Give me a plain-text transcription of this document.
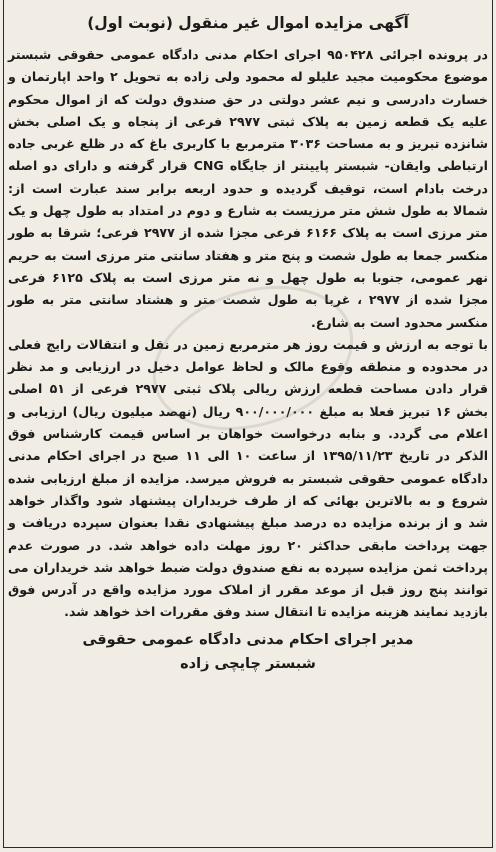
آگهی مزایده اموال غیر منقول (نوبت اول)

در پرونده اجرائی ۹۵۰۴۲۸ اجرای احکام مدنی دادگاه عمومی حقوقی شبستر موضوع محکومیت مجید علیلو له محمود ولی زاده به تحویل ۲ واحد اپارتمان و خسارت دادرسی و نیم عشر دولتی در حق صندوق دولت که از اموال محکوم علیه یک قطعه زمین به پلاک ثبتی ۲۹۷۷ فرعی از پنجاه و یک اصلی بخش شانزده تبریز و به مساحت ۳۰۳۶ مترمربع با کاربری باغ که در ظلع غربی جاده ارتباطی وایقان- شبستر پایینتر از جایگاه CNG قرار گرفته و دارای دو اصله درخت بادام است، توقیف گردیده و حدود اربعه برابر سند عبارت است از: شمالا به طول شش متر مرزیست به شارع و دوم در امتداد به طول چهل و یک متر مرزی است به پلاک ۶۱۶۶ فرعی مجزا شده از ۲۹۷۷ فرعی؛ شرقا به طور منکسر جمعا به طول شصت و پنج متر و هفتاد سانتی متر مرزی است به حریم نهر عمومی، جنوبا به طول چهل و نه متر مرزی است به پلاک ۶۱۲۵ فرعی مجزا شده از ۲۹۷۷ ، غربا به طول شصت متر و هشتاد سانتی متر به طور منکسر محدود است به شارع.

با توجه به ارزش و قیمت روز هر مترمربع زمین در نقل و انتقالات رایج فعلی در محدوده و منطقه وقوع مالک و لحاظ عوامل دخیل در ارزیابی و مد نظر قرار دادن مساحت قطعه ارزش ریالی پلاک ثبتی ۲۹۷۷ فرعی از ۵۱ اصلی بخش ۱۶ تبریز فعلا به مبلغ ۹۰۰/۰۰۰/۰۰۰ ریال (نهصد میلیون ریال) ارزیابی و اعلام می گردد. و بنابه درخواست خواهان بر اساس قیمت کارشناس فوق الذکر در تاریخ ۱۳۹۵/۱۱/۲۳ از ساعت ۱۰ الی ۱۱ صبح در اجرای احکام مدنی دادگاه عمومی حقوقی شبستر به فروش میرسد. مزایده از مبلغ ارزیابی شده شروع و به بالاترین بهائی که از طرف خریداران پیشنهاد شود واگذار خواهد شد و از برنده مزایده ده درصد مبلغ پیشنهادی نقدا بعنوان سپرده دریافت و جهت پرداخت مابقی حداکثر ۲۰ روز مهلت داده خواهد شد. در صورت عدم پرداخت ثمن مزایده سپرده به نفع صندوق دولت ضبط خواهد شد خریداران می توانند پنج روز قبل از موعد مقرر از املاک مورد مزایده واقع در آدرس فوق بازدید نمایند هزینه مزایده تا انتقال سند وفق مقررات اخذ خواهد شد.

مدیر اجرای احکام مدنی دادگاه عمومی حقوقی
شبستر چایچی زاده
